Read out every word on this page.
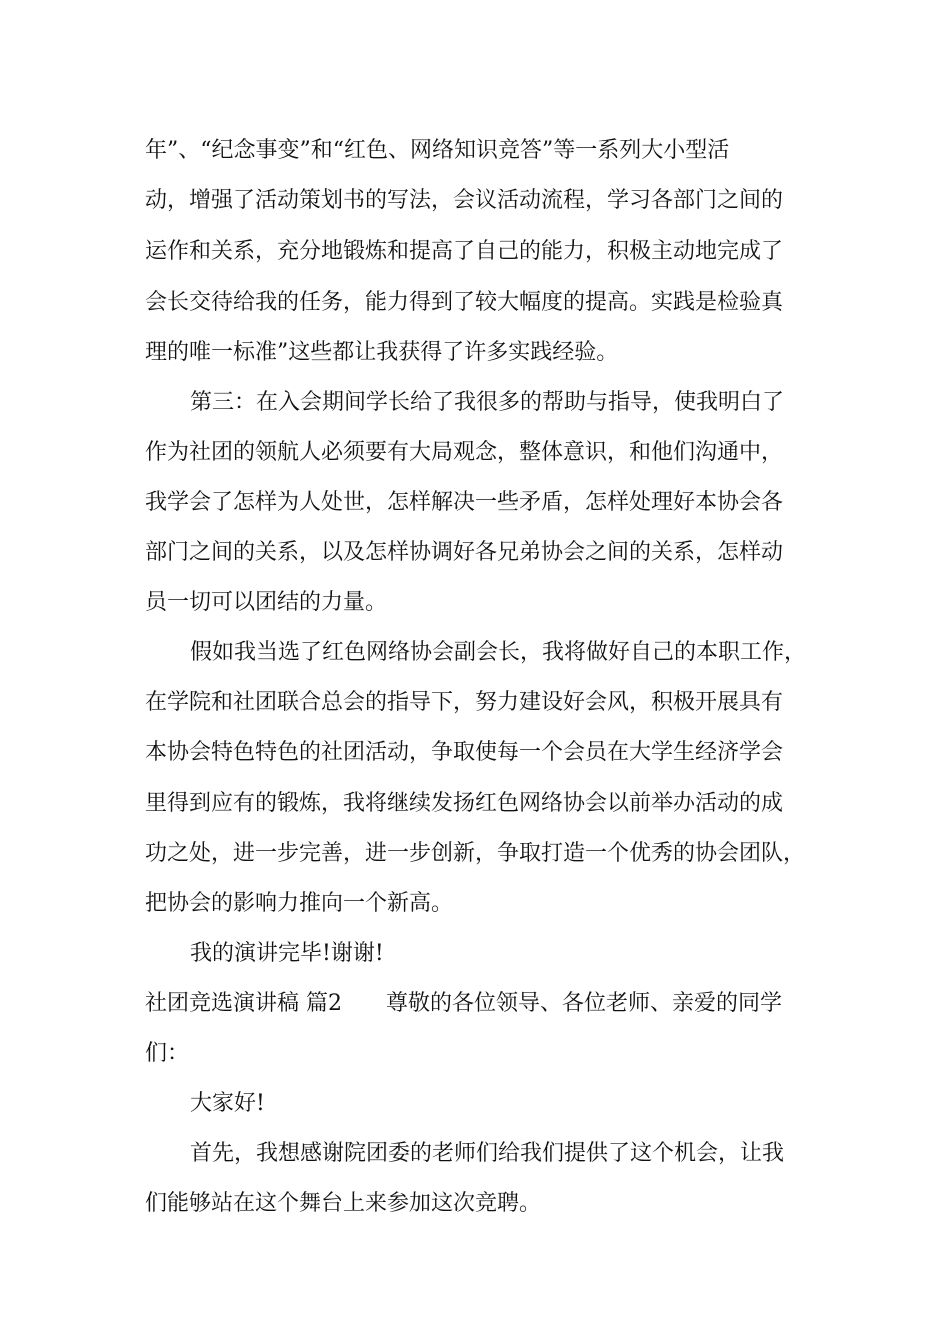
年”、“纪念事变”和“红色、网络知识竞答”等一系列大小型活
动，增强了活动策划书的写法，会议活动流程，学习各部门之间的
运作和关系，充分地锻炼和提高了自己的能力，积极主动地完成了
会长交待给我的任务，能力得到了较大幅度的提高。实践是检验真
理的唯一标准”这些都让我获得了许多实践经验。
第三：在入会期间学长给了我很多的帮助与指导，使我明白了
作为社团的领航人必须要有大局观念，整体意识，和他们沟通中，
我学会了怎样为人处世，怎样解决一些矛盾，怎样处理好本协会各
部门之间的关系，以及怎样协调好各兄弟协会之间的关系，怎样动
员一切可以团结的力量。
假如我当选了红色网络协会副会长，我将做好自己的本职工作，
在学院和社团联合总会的指导下，努力建设好会风，积极开展具有
本协会特色特色的社团活动，争取使每一个会员在大学生经济学会
里得到应有的锻炼，我将继续发扬红色网络协会以前举办活动的成
功之处，进一步完善，进一步创新，争取打造一个优秀的协会团队，
把协会的影响力推向一个新高。
我的演讲完毕!谢谢!
社团竞选演讲稿 篇2　　尊敬的各位领导、各位老师、亲爱的同学
们：
大家好!
首先，我想感谢院团委的老师们给我们提供了这个机会，让我
们能够站在这个舞台上来参加这次竞聘。
